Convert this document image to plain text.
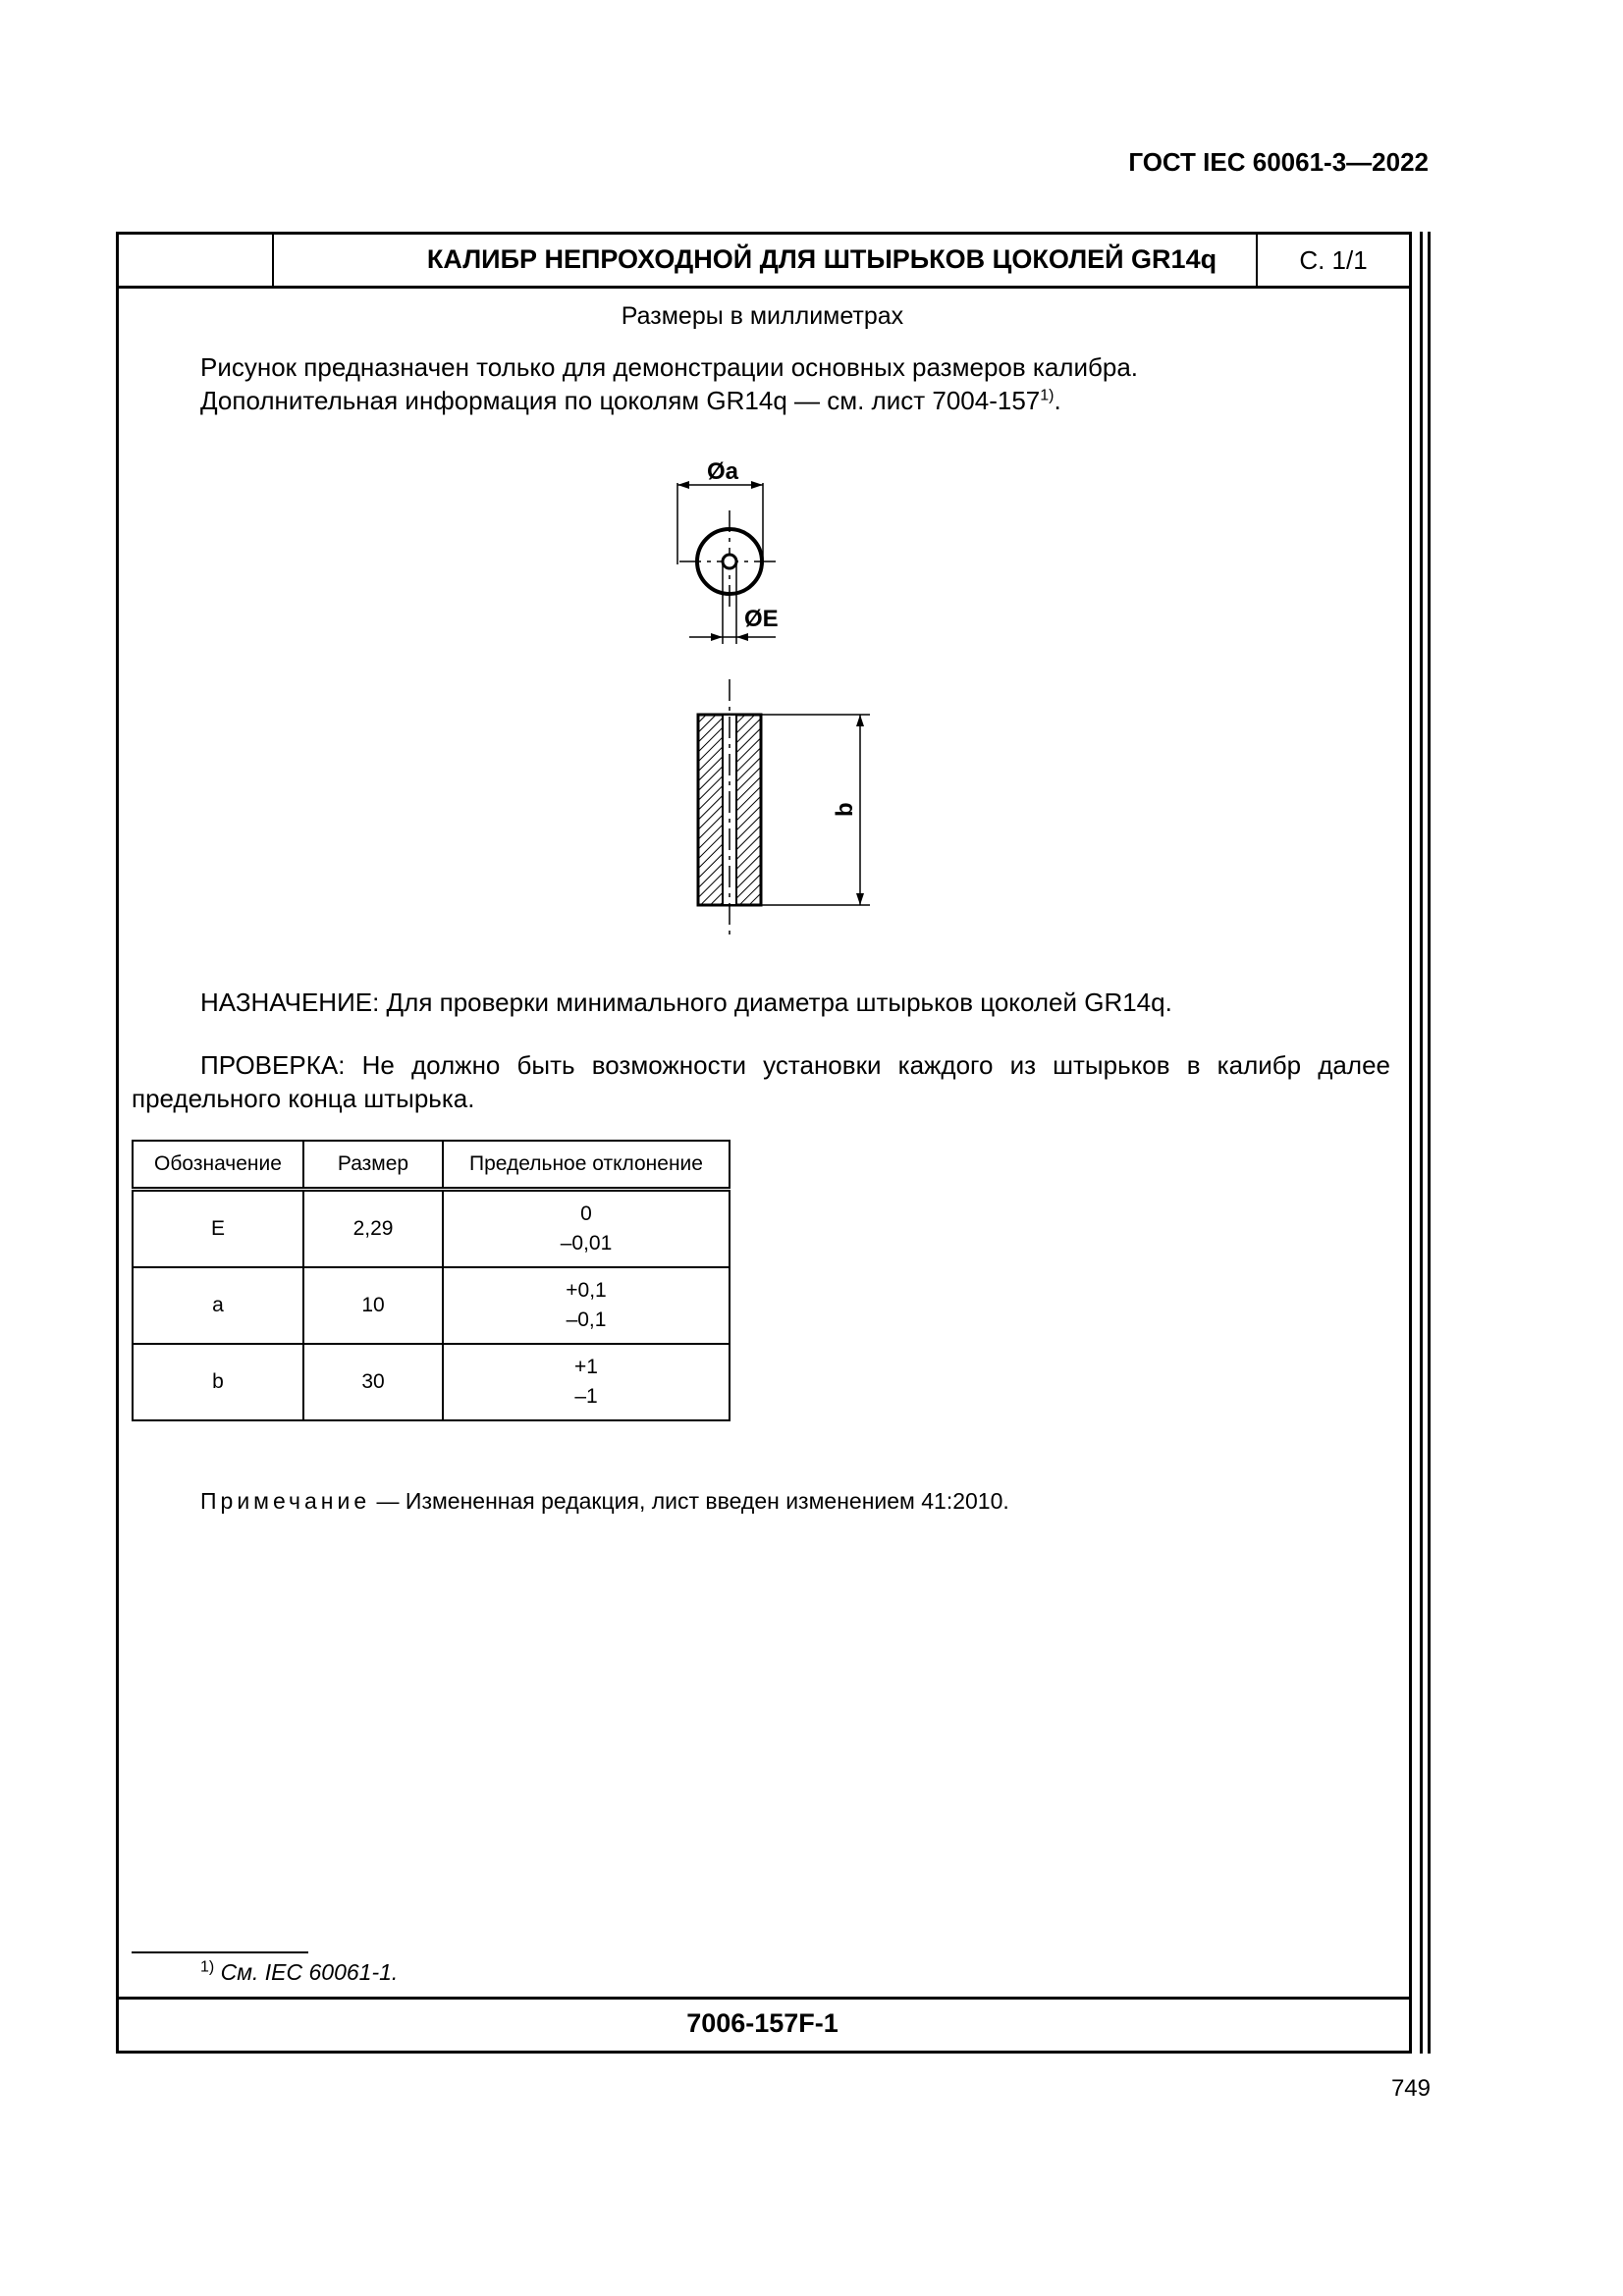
ГОСТ IEC 60061-3—2022
КАЛИБР НЕПРОХОДНОЙ ДЛЯ ШТЫРЬКОВ ЦОКОЛЕЙ GR14q	С. 1/1
Размеры в миллиметрах
Рисунок предназначен только для демонстрации основных размеров калибра.
Дополнительная информация по цоколям GR14q — см. лист 7004-157$^{1)}$.
Øa
ØE
b
НАЗНАЧЕНИЕ: Для проверки минимального диаметра штырьков цоколей GR14q.
ПРОВЕРКА: Не должно быть возможности установки каждого из штырьков в калибр далее предельного конца штырька.
Обозначение	Размер	Предельное отклонение
E	2,29	0
–0,01

a	10	+0,1
–0,1

b	30	+1
–1
Примечание — Измененная редакция, лист введен изменением 41:2010.
$^{1)}$ См. IEC 60061-1.
7006-157F-1
749
